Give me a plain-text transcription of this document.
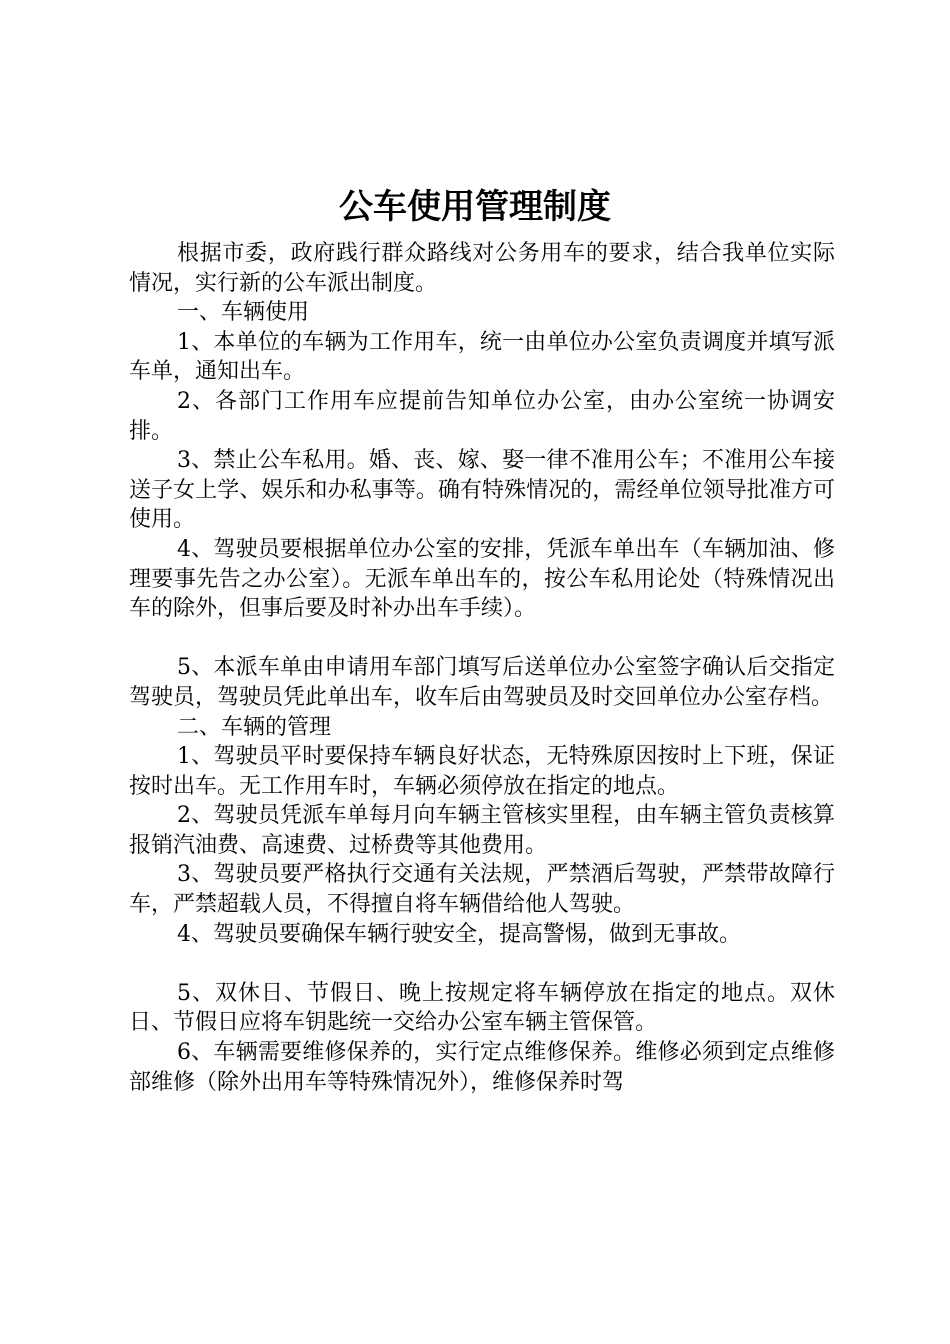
公车使用管理制度

根据市委，政府践行群众路线对公务用车的要求，结合我单位实际情况，实行新的公车派出制度。

一、车辆使用

1、本单位的车辆为工作用车，统一由单位办公室负责调度并填写派车单，通知出车。

2、各部门工作用车应提前告知单位办公室，由办公室统一协调安排。

3、禁止公车私用。婚、丧、嫁、娶一律不准用公车；不准用公车接送子女上学、娱乐和办私事等。确有特殊情况的，需经单位领导批准方可使用。

4、驾驶员要根据单位办公室的安排，凭派车单出车（车辆加油、修理要事先告之办公室）。无派车单出车的，按公车私用论处（特殊情况出车的除外，但事后要及时补办出车手续）。

5、本派车单由申请用车部门填写后送单位办公室签字确认后交指定驾驶员，驾驶员凭此单出车，收车后由驾驶员及时交回单位办公室存档。

二、车辆的管理

1、驾驶员平时要保持车辆良好状态，无特殊原因按时上下班，保证按时出车。无工作用车时，车辆必须停放在指定的地点。

2、驾驶员凭派车单每月向车辆主管核实里程，由车辆主管负责核算报销汽油费、高速费、过桥费等其他费用。

3、驾驶员要严格执行交通有关法规，严禁酒后驾驶，严禁带故障行车，严禁超载人员，不得擅自将车辆借给他人驾驶。

4、驾驶员要确保车辆行驶安全，提高警惕，做到无事故。

5、双休日、节假日、晚上按规定将车辆停放在指定的地点。双休日、节假日应将车钥匙统一交给办公室车辆主管保管。

6、车辆需要维修保养的，实行定点维修保养。维修必须到定点维修部维修（除外出用车等特殊情况外），维修保养时驾
